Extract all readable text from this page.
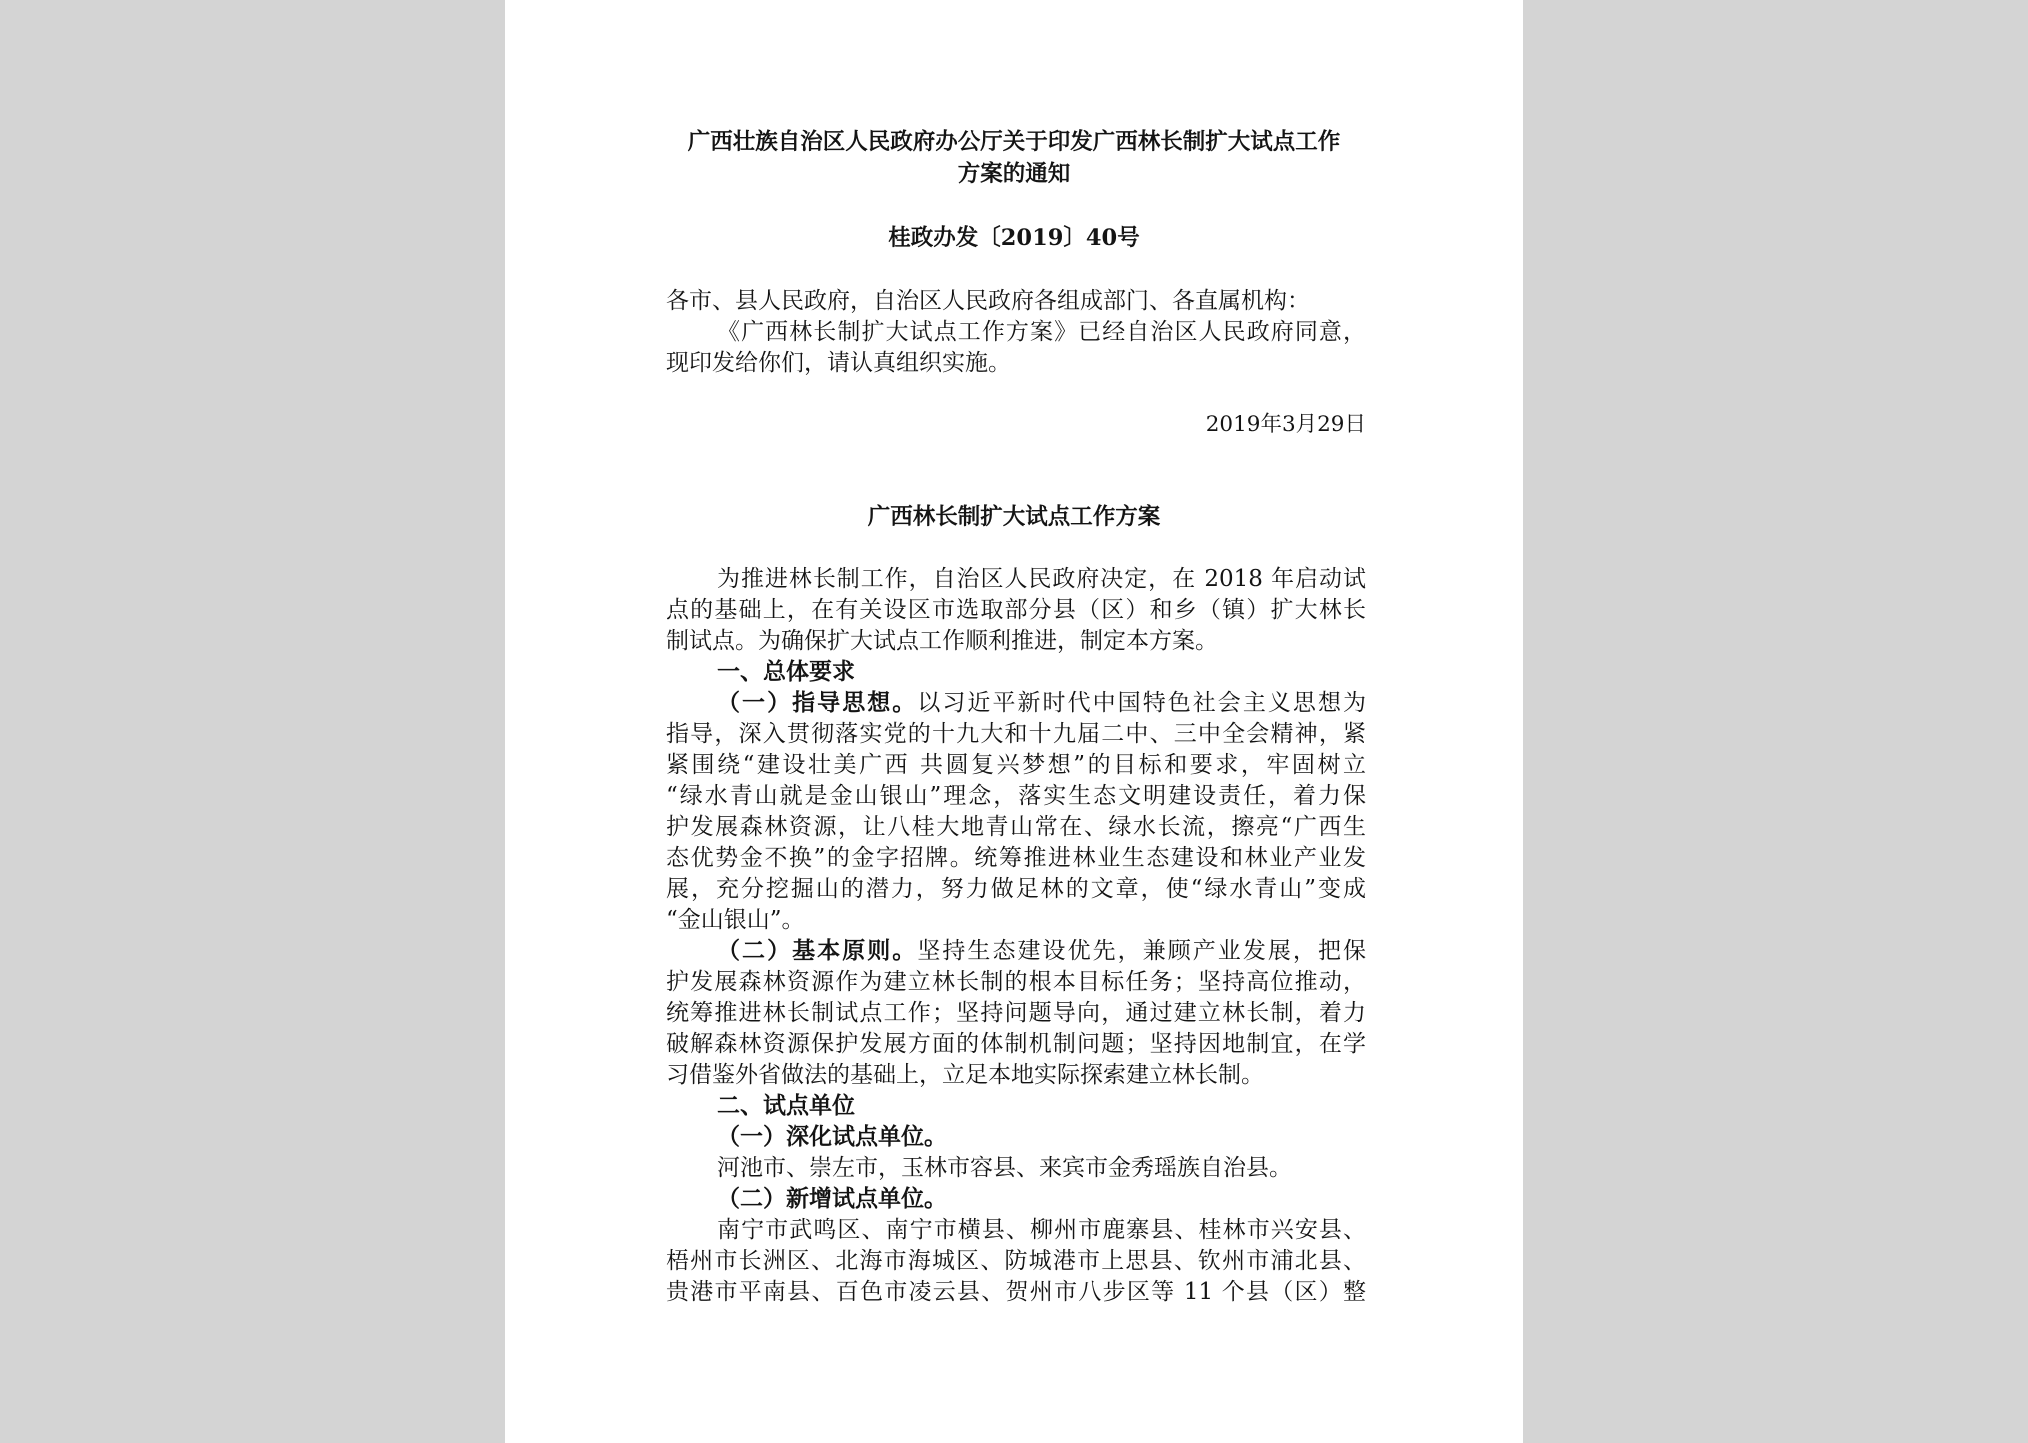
广西壮族自治区人民政府办公厅关于印发广西林长制扩大试点工作
方案的通知
桂政办发〔2019〕40号
各市、县人民政府，自治区人民政府各组成部门、各直属机构：
《广西林长制扩大试点工作方案》已经自治区人民政府同意，
现印发给你们，请认真组织实施。
2019年3月29日
广西林长制扩大试点工作方案
为推进林长制工作，自治区人民政府决定，在 2018 年启动试
点的基础上，在有关设区市选取部分县（区）和乡（镇）扩大林长
制试点。为确保扩大试点工作顺利推进，制定本方案。
一、总体要求
（一）指导思想。以习近平新时代中国特色社会主义思想为
指导，深入贯彻落实党的十九大和十九届二中、三中全会精神，紧
紧围绕“建设壮美广西 共圆复兴梦想”的目标和要求，牢固树立
“绿水青山就是金山银山”理念，落实生态文明建设责任，着力保
护发展森林资源，让八桂大地青山常在、绿水长流，擦亮“广西生
态优势金不换”的金字招牌。统筹推进林业生态建设和林业产业发
展，充分挖掘山的潜力，努力做足林的文章，使“绿水青山”变成
“金山银山”。
（二）基本原则。坚持生态建设优先，兼顾产业发展，把保
护发展森林资源作为建立林长制的根本目标任务；坚持高位推动，
统筹推进林长制试点工作；坚持问题导向，通过建立林长制，着力
破解森林资源保护发展方面的体制机制问题；坚持因地制宜，在学
习借鉴外省做法的基础上，立足本地实际探索建立林长制。
二、试点单位
（一）深化试点单位。
河池市、崇左市，玉林市容县、来宾市金秀瑶族自治县。
（二）新增试点单位。
南宁市武鸣区、南宁市横县、柳州市鹿寨县、桂林市兴安县、
梧州市长洲区、北海市海城区、防城港市上思县、钦州市浦北县、
贵港市平南县、百色市凌云县、贺州市八步区等 11 个县（区）整
